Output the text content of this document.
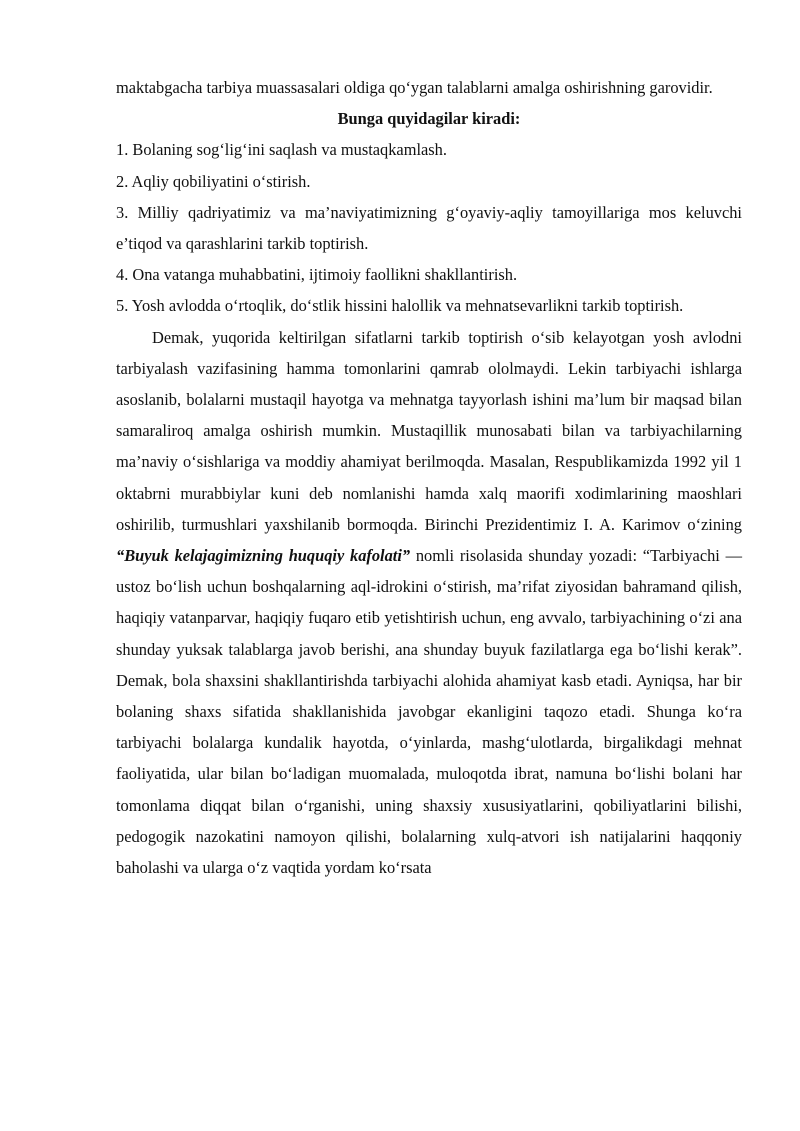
maktabgacha tarbiya muassasalari oldiga qo‘ygan talablarni amalga oshirishning garovidir.

Bunga quyidagilar kiradi:

1. Bolaning sog‘lig‘ini saqlash va mustaqkamlash.

2. Aqliy qobiliyatini o‘stirish.

3. Milliy qadriyatimiz va ma’naviyatimizning g‘oyaviy-aqliy tamoyillariga mos keluvchi e’tiqod va qarashlarini tarkib toptirish.

4. Ona vatanga muhabbatini, ijtimoiy faollikni shakllantirish.

5. Yosh avlodda o‘rtoqlik, do‘stlik hissini halollik va mehnatsevarlikni tarkib toptirish.

Demak, yuqorida keltirilgan sifatlarni tarkib toptirish o‘sib kelayotgan yosh avlodni tarbiyalash vazifasining hamma tomonlarini qamrab ololmaydi. Lekin tarbiyachi ishlarga asoslanib, bolalarni mustaqil hayotga va mehnatga tayyorlash ishini ma’lum bir maqsad bilan samaraliroq amalga oshirish mumkin. Mustaqillik munosabati bilan va tarbiyachilarning ma’naviy o‘sishlariga va moddiy ahamiyat berilmoqda. Masalan, Respublikamizda 1992 yil 1 oktabrni murabbiylar kuni deb nomlanishi hamda xalq maorifi xodimlarining maoshlari oshirilib, turmushlari yaxshilanib bormoqda. Birinchi Prezidentimiz I. A. Karimov o‘zining “Buyuk kelajagimizning huquqiy kafolati” nomli risolasida shunday yozadi: “Tarbiyachi — ustoz bo‘lish uchun boshqalarning aql-idrokini o‘stirish, ma’rifat ziyosidan bahramand qilish, haqiqiy vatanparvar, haqiqiy fuqaro etib yetishtirish uchun, eng avvalo, tarbiyachining o‘zi ana shunday yuksak talablarga javob berishi, ana shunday buyuk fazilatlarga ega bo‘lishi kerak”. Demak, bola shaxsini shakllantirishda tarbiyachi alohida ahamiyat kasb etadi. Ayniqsa, har bir bolaning shaxs sifatida shakllanishida javobgar ekanligini taqozo etadi. Shunga ko‘ra tarbiyachi bolalarga kundalik hayotda, o‘yinlarda, mashg‘ulotlarda, birgalikdagi mehnat faoliyatida, ular bilan bo‘ladigan muomalada, muloqotda ibrat, namuna bo‘lishi bolani har tomonlama diqqat bilan o‘rganishi, uning shaxsiy xususiyatlarini, qobiliyatlarini bilishi, pedogogik nazokatini namoyon qilishi, bolalarning xulq-atvori ish natijalarini haqqoniy baholashi va ularga o‘z vaqtida yordam ko‘rsata
